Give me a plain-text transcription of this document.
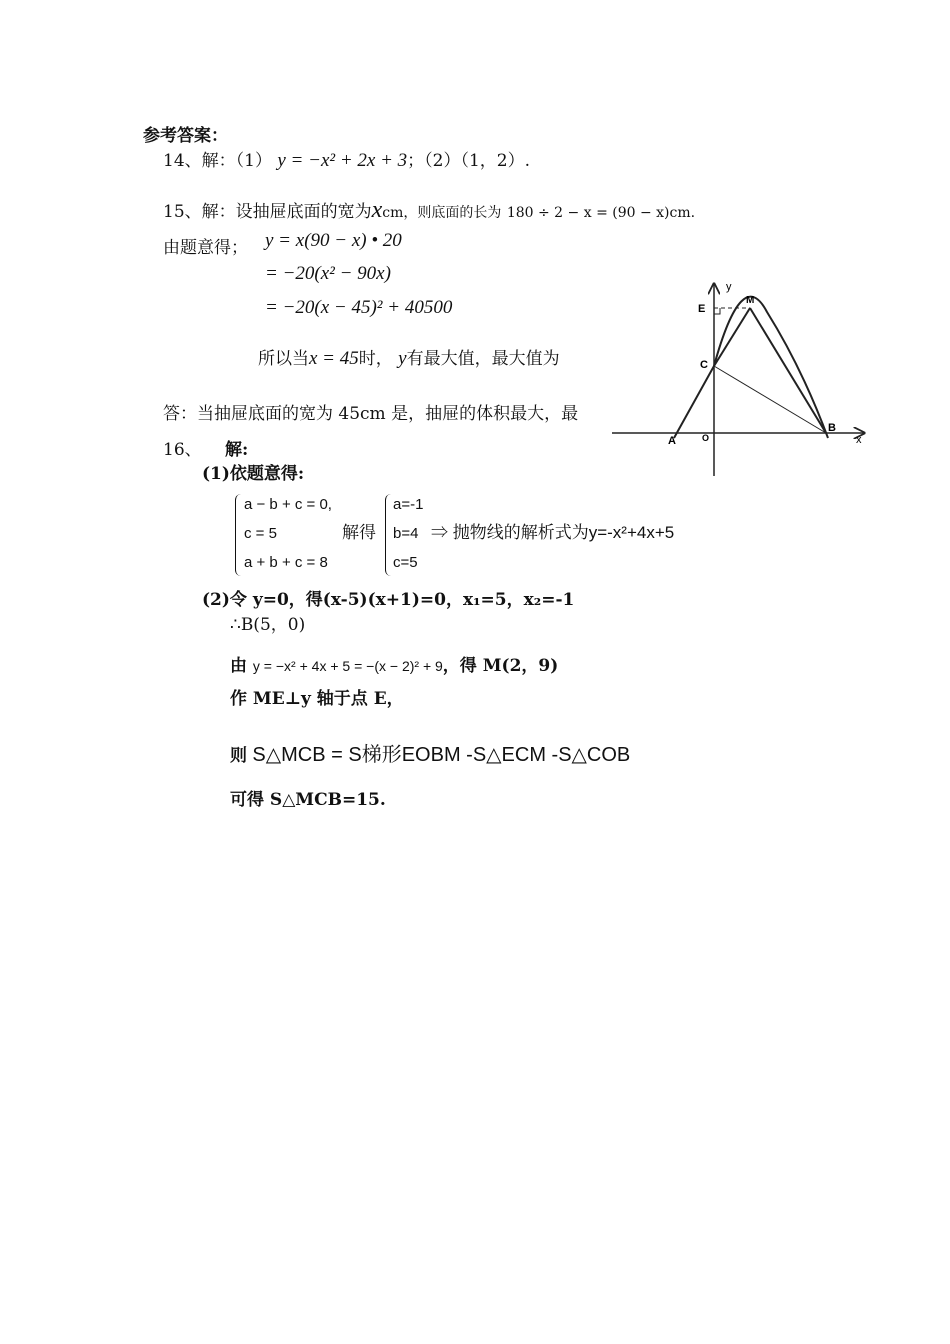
参考答案：
14、解：（1） y = −x² + 2x + 3；（2）（1，2）.
15、解：设抽屉底面的宽为xcm，则底面的长为 180 ÷ 2 − x = (90 − x)cm.
由题意得； y = x(90 − x) • 20
= −20(x² − 90x)
= −20(x − 45)² + 40500
所以当x = 45时， y有最大值，最大值为
答：当抽屉底面的宽为 45cm 是，抽屉的体积最大，最
y
x
E
M
C
B
A	O
16、 解:
(1)依题意得:
a − b + c = 0,
c = 5
a + b + c = 8
解得
a=-1
b=4
c=5
⇒ 抛物线的解析式为y=-x²+4x+5
(2)令 y=0，得(x-5)(x+1)=0，x₁=5，x₂=-1
∴B(5，0)
由 y = −x² + 4x + 5 = −(x − 2)² + 9，得 M(2，9)
作 ME⊥y 轴于点 E，
则 S△MCB = S梯形EOBM -S△ECM -S△COB
可得 S△MCB=15.
